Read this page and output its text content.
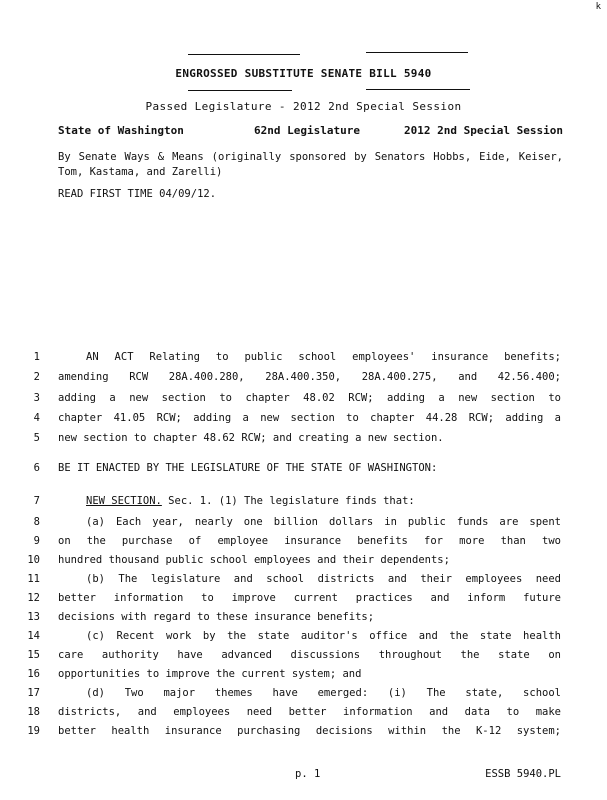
k
ENGROSSED SUBSTITUTE SENATE BILL 5940
Passed Legislature - 2012 2nd Special Session
State of Washington	62nd Legislature	2012 2nd Special Session
By Senate Ways & Means (originally sponsored by Senators Hobbs, Eide, Keiser, Tom, Kastama, and Zarelli)
READ FIRST TIME 04/09/12.
1	AN ACT Relating to public school employees' insurance benefits;
2 amending RCW 28A.400.280, 28A.400.350, 28A.400.275, and 42.56.400;
3 adding a new section to chapter 48.02 RCW; adding a new section to
4 chapter 41.05 RCW; adding a new section to chapter 44.28 RCW; adding a
5 new section to chapter 48.62 RCW; and creating a new section.
6 BE IT ENACTED BY THE LEGISLATURE OF THE STATE OF WASHINGTON:
7	NEW SECTION. Sec. 1. (1) The legislature finds that:
8	(a) Each year, nearly one billion dollars in public funds are spent
9 on the purchase of employee insurance benefits for more than two
10 hundred thousand public school employees and their dependents;
11	(b) The legislature and school districts and their employees need
12 better information to improve current practices and inform future
13 decisions with regard to these insurance benefits;
14	(c) Recent work by the state auditor's office and the state health
15 care authority have advanced discussions throughout the state on
16 opportunities to improve the current system; and
17	(d) Two major themes have emerged: (i) The state, school
18 districts, and employees need better information and data to make
19 better health insurance purchasing decisions within the K-12 system;
p. 1	ESSB 5940.PL
